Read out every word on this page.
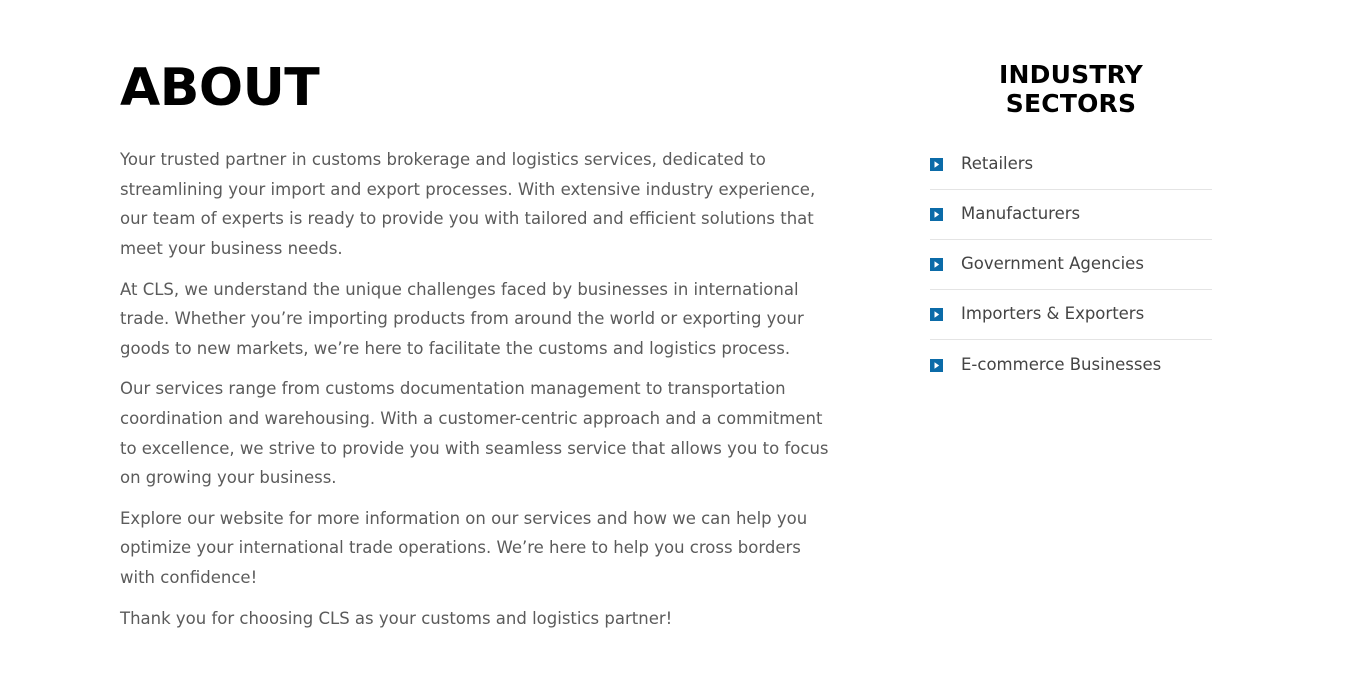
ABOUT

Your trusted partner in customs brokerage and logistics services, dedicated to streamlining your import and export processes. With extensive industry experience, our team of experts is ready to provide you with tailored and efficient solutions that meet your business needs.

At CLS, we understand the unique challenges faced by businesses in international trade. Whether you’re importing products from around the world or exporting your goods to new markets, we’re here to facilitate the customs and logistics process.

Our services range from customs documentation management to transportation coordination and warehousing. With a customer-centric approach and a commitment to excellence, we strive to provide you with seamless service that allows you to focus on growing your business.

Explore our website for more information on our services and how we can help you optimize your international trade operations. We’re here to help you cross borders with confidence!

Thank you for choosing CLS as your customs and logistics partner!

INDUSTRY SECTORS
Retailers
Manufacturers
Government Agencies
Importers & Exporters
E-commerce Businesses
